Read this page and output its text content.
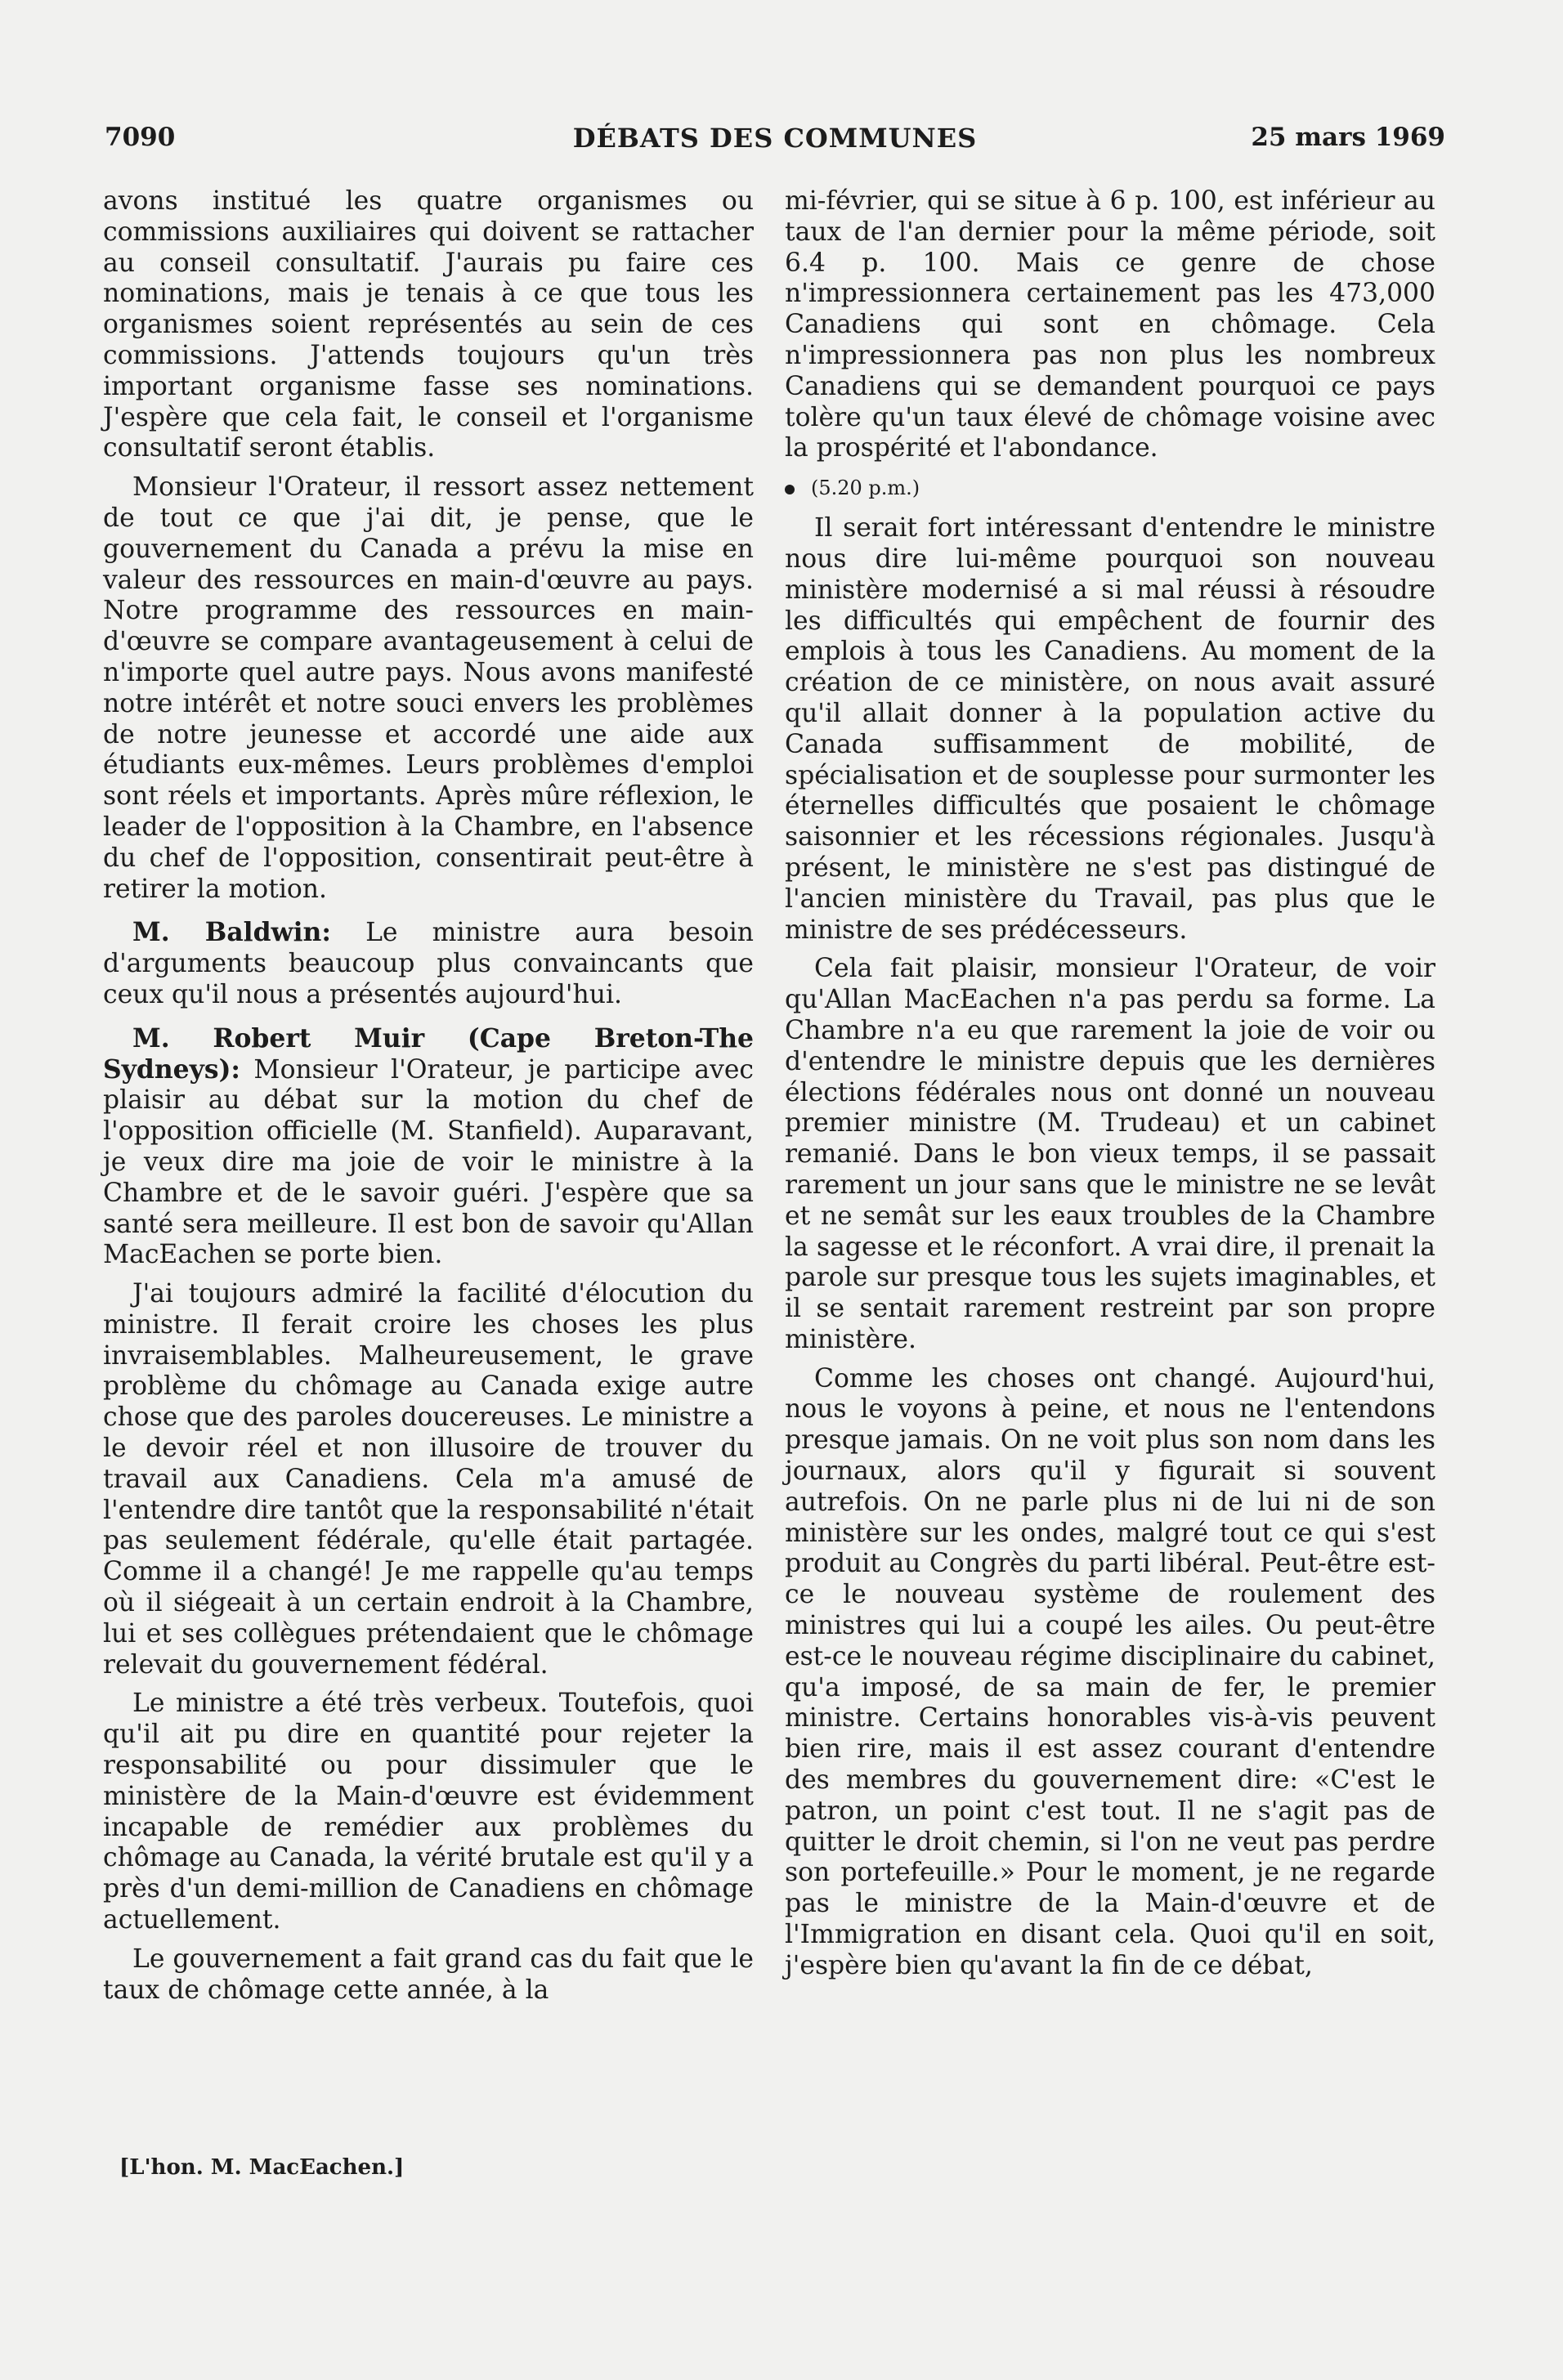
7090	DÉBATS DES COMMUNES	25 mars 1969

avons institué les quatre organismes ou commissions auxiliaires qui doivent se rattacher au conseil consultatif. J'aurais pu faire ces nominations, mais je tenais à ce que tous les organismes soient représentés au sein de ces commissions. J'attends toujours qu'un très important organisme fasse ses nominations. J'espère que cela fait, le conseil et l'organisme consultatif seront établis.

Monsieur l'Orateur, il ressort assez nettement de tout ce que j'ai dit, je pense, que le gouvernement du Canada a prévu la mise en valeur des ressources en main-d'œuvre au pays. Notre programme des ressources en main-d'œuvre se compare avantageusement à celui de n'importe quel autre pays. Nous avons manifesté notre intérêt et notre souci envers les problèmes de notre jeunesse et accordé une aide aux étudiants eux-mêmes. Leurs problèmes d'emploi sont réels et importants. Après mûre réflexion, le leader de l'opposition à la Chambre, en l'absence du chef de l'opposition, consentirait peut-être à retirer la motion.

M. Baldwin: Le ministre aura besoin d'arguments beaucoup plus convaincants que ceux qu'il nous a présentés aujourd'hui.

M. Robert Muir (Cape Breton-The Sydneys): Monsieur l'Orateur, je participe avec plaisir au débat sur la motion du chef de l'opposition officielle (M. Stanfield). Auparavant, je veux dire ma joie de voir le ministre à la Chambre et de le savoir guéri. J'espère que sa santé sera meilleure. Il est bon de savoir qu'Allan MacEachen se porte bien.

J'ai toujours admiré la facilité d'élocution du ministre. Il ferait croire les choses les plus invraisemblables. Malheureusement, le grave problème du chômage au Canada exige autre chose que des paroles doucereuses. Le ministre a le devoir réel et non illusoire de trouver du travail aux Canadiens. Cela m'a amusé de l'entendre dire tantôt que la responsabilité n'était pas seulement fédérale, qu'elle était partagée. Comme il a changé! Je me rappelle qu'au temps où il siégeait à un certain endroit à la Chambre, lui et ses collègues prétendaient que le chômage relevait du gouvernement fédéral.

Le ministre a été très verbeux. Toutefois, quoi qu'il ait pu dire en quantité pour rejeter la responsabilité ou pour dissimuler que le ministère de la Main-d'œuvre est évidemment incapable de remédier aux problèmes du chômage au Canada, la vérité brutale est qu'il y a près d'un demi-million de Canadiens en chômage actuellement.

Le gouvernement a fait grand cas du fait que le taux de chômage cette année, à la

mi-février, qui se situe à 6 p. 100, est inférieur au taux de l'an dernier pour la même période, soit 6.4 p. 100. Mais ce genre de chose n'impressionnera certainement pas les 473,000 Canadiens qui sont en chômage. Cela n'impressionnera pas non plus les nombreux Canadiens qui se demandent pourquoi ce pays tolère qu'un taux élevé de chômage voisine avec la prospérité et l'abondance.

(5.20 p.m.)

Il serait fort intéressant d'entendre le ministre nous dire lui-même pourquoi son nouveau ministère modernisé a si mal réussi à résoudre les difficultés qui empêchent de fournir des emplois à tous les Canadiens. Au moment de la création de ce ministère, on nous avait assuré qu'il allait donner à la population active du Canada suffisamment de mobilité, de spécialisation et de souplesse pour surmonter les éternelles difficultés que posaient le chômage saisonnier et les récessions régionales. Jusqu'à présent, le ministère ne s'est pas distingué de l'ancien ministère du Travail, pas plus que le ministre de ses prédécesseurs.

Cela fait plaisir, monsieur l'Orateur, de voir qu'Allan MacEachen n'a pas perdu sa forme. La Chambre n'a eu que rarement la joie de voir ou d'entendre le ministre depuis que les dernières élections fédérales nous ont donné un nouveau premier ministre (M. Trudeau) et un cabinet remanié. Dans le bon vieux temps, il se passait rarement un jour sans que le ministre ne se levât et ne semât sur les eaux troubles de la Chambre la sagesse et le réconfort. A vrai dire, il prenait la parole sur presque tous les sujets imaginables, et il se sentait rarement restreint par son propre ministère.

Comme les choses ont changé. Aujourd'hui, nous le voyons à peine, et nous ne l'entendons presque jamais. On ne voit plus son nom dans les journaux, alors qu'il y figurait si souvent autrefois. On ne parle plus ni de lui ni de son ministère sur les ondes, malgré tout ce qui s'est produit au Congrès du parti libéral. Peut-être est-ce le nouveau système de roulement des ministres qui lui a coupé les ailes. Ou peut-être est-ce le nouveau régime disciplinaire du cabinet, qu'a imposé, de sa main de fer, le premier ministre. Certains honorables vis-à-vis peuvent bien rire, mais il est assez courant d'entendre des membres du gouvernement dire: «C'est le patron, un point c'est tout. Il ne s'agit pas de quitter le droit chemin, si l'on ne veut pas perdre son portefeuille.» Pour le moment, je ne regarde pas le ministre de la Main-d'œuvre et de l'Immigration en disant cela. Quoi qu'il en soit, j'espère bien qu'avant la fin de ce débat,

[L'hon. M. MacEachen.]
